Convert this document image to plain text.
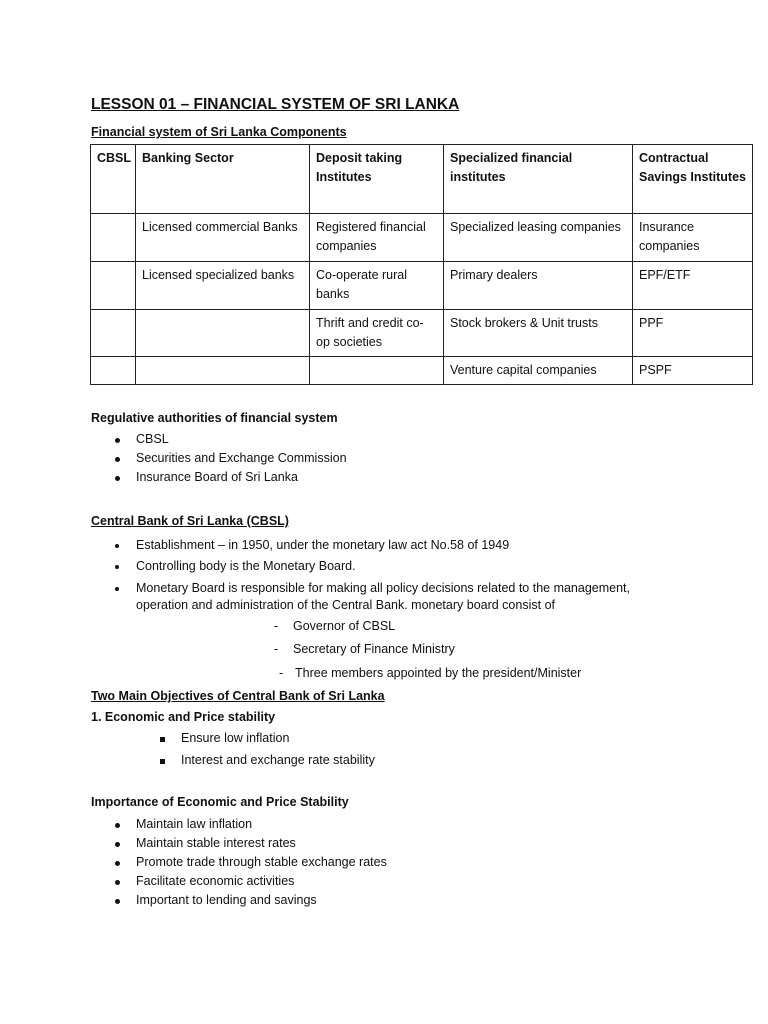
LESSON 01 – FINANCIAL SYSTEM OF SRI LANKA
Financial system of Sri Lanka Components
CBSL	Banking Sector	Deposit taking Institutes	Specialized financial institutes	Contractual Savings Institutes
	Licensed commercial Banks	Registered financial companies	Specialized leasing companies	Insurance companies
	Licensed specialized banks	Co-operate rural banks	Primary dealers	EPF/ETF
		Thrift and credit co-op societies	Stock brokers & Unit trusts	PPF
			Venture capital companies	PSPF
Regulative authorities of financial system
CBSL
Securities and Exchange Commission
Insurance Board of Sri Lanka
Central Bank of Sri Lanka (CBSL)
Establishment – in 1950, under the monetary law act No.58 of 1949
Controlling body is the Monetary Board.
Monetary Board is responsible for making all policy decisions related to the management,
operation and administration of the Central Bank. monetary board consist of
- Governor of CBSL
- Secretary of Finance Ministry
- Three members appointed by the president/Minister
Two Main Objectives of Central Bank of Sri Lanka
1. Economic and Price stability
Ensure low inflation
Interest and exchange rate stability
Importance of Economic and Price Stability
Maintain law inflation
Maintain stable interest rates
Promote trade through stable exchange rates
Facilitate economic activities
Important to lending and savings
